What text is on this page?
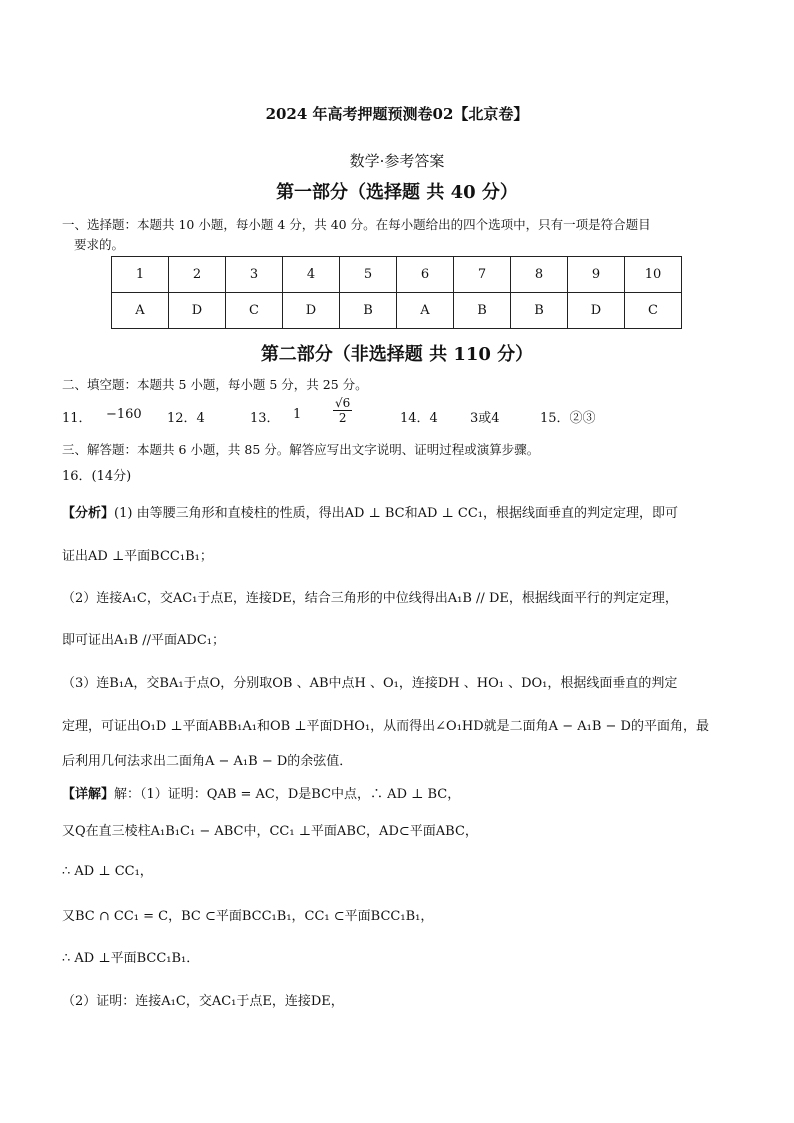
2024 年高考押题预测卷02【北京卷】
数学·参考答案
第一部分（选择题 共 40 分）
一、选择题：本题共 10 小题，每小题 4 分，共 40 分。在每小题给出的四个选项中，只有一项是符合题目
要求的。
1	2	3	4	5	6	7	8	9	10
A	D	C	D	B	A	B	B	D	C
第二部分（非选择题 共 110 分）
二、填空题：本题共 5 小题，每小题 5 分，共 25 分。
11． −160 12．4	13． 1	$\frac{√6}{2}$	14．4 3或4	15．②③
三、解答题：本题共 6 小题，共 85 分。解答应写出文字说明、证明过程或演算步骤。
16．(14分)
【分析】(1) 由等腰三角形和直棱柱的性质，得出AD ⊥ BC和AD ⊥ CC₁，根据线面垂直的判定定理，即可
证出AD ⊥平面BCC₁B₁；
（2）连接A₁C，交AC₁于点E，连接DE，结合三角形的中位线得出A₁B // DE，根据线面平行的判定定理，
即可证出A₁B //平面ADC₁；
（3）连B₁A，交BA₁于点O，分别取OB 、AB中点H 、O₁，连接DH 、HO₁ 、DO₁，根据线面垂直的判定
定理，可证出O₁D ⊥平面ABB₁A₁和OB ⊥平面DHO₁，从而得出∠O₁HD就是二面角A − A₁B − D的平面角，最
后利用几何法求出二面角A − A₁B − D的余弦值．
【详解】解：（1）证明：QAB = AC，D是BC中点，∴ AD ⊥ BC，
又Q在直三棱柱A₁B₁C₁ − ABC中，CC₁ ⊥平面ABC，AD⊂平面ABC，
∴ AD ⊥ CC₁，
又BC ∩ CC₁ = C，BC ⊂平面BCC₁B₁，CC₁ ⊂平面BCC₁B₁，
∴ AD ⊥平面BCC₁B₁．
（2）证明：连接A₁C，交AC₁于点E，连接DE，
